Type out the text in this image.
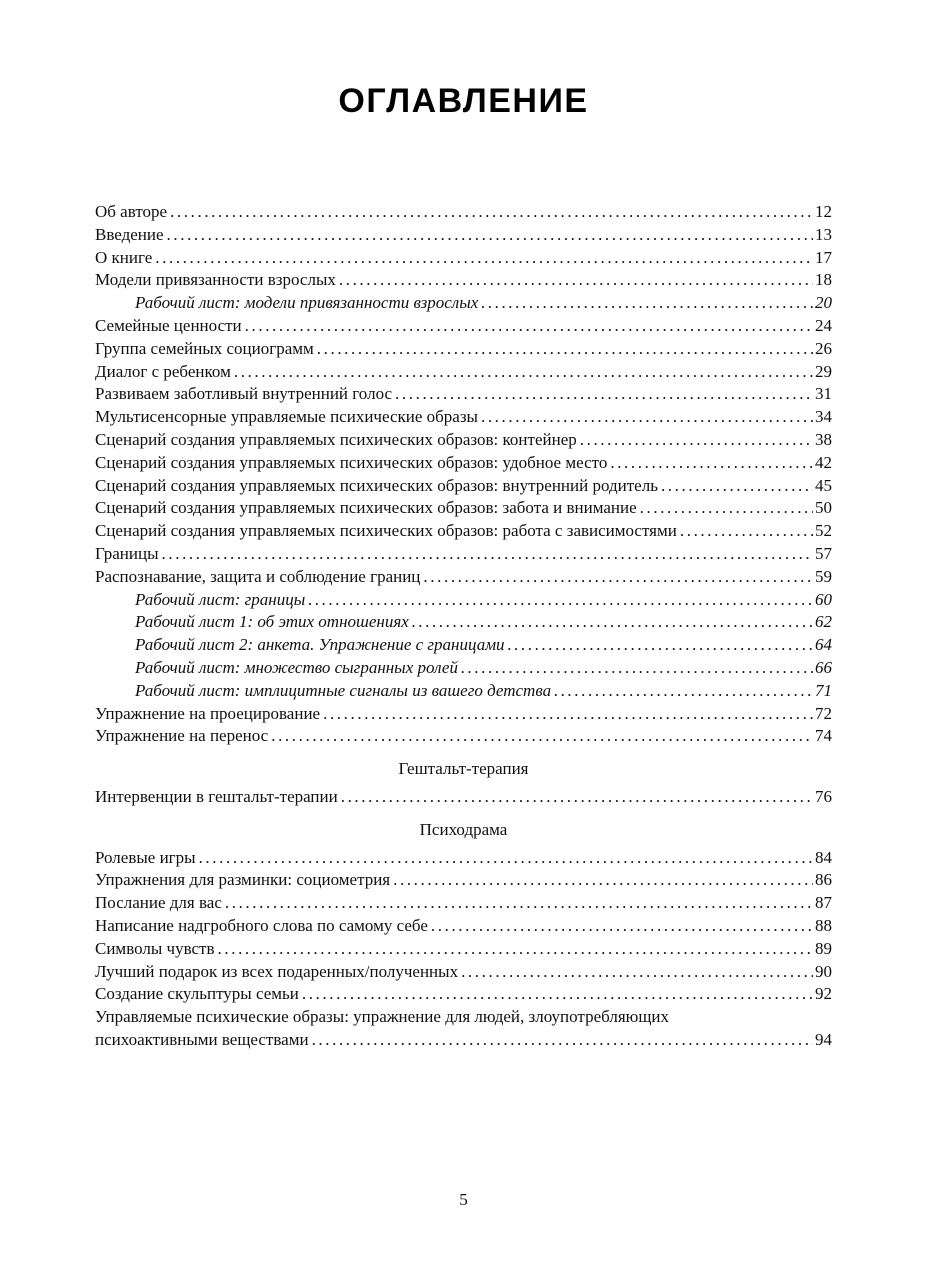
ОГЛАВЛЕНИЕ
Об авторе .....	12
Введение .....	13
О книге .....	17
Модели привязанности взрослых .....	18
Рабочий лист: модели привязанности взрослых .....	20
Семейные ценности .....	24
Группа семейных социограмм .....	26
Диалог с ребенком .....	29
Развиваем заботливый внутренний голос .....	31
Мультисенсорные управляемые психические образы .....	34
Сценарий создания управляемых психических образов: контейнер .....	38
Сценарий создания управляемых психических образов: удобное место .....	42
Сценарий создания управляемых психических образов: внутренний родитель .....	45
Сценарий создания управляемых психических образов: забота и внимание .....	50
Сценарий создания управляемых психических образов: работа с зависимостями .....	52
Границы .....	57
Распознавание, защита и соблюдение границ .....	59
Рабочий лист: границы .....	60
Рабочий лист 1: об этих отношениях .....	62
Рабочий лист 2: анкета. Упражнение с границами .....	64
Рабочий лист: множество сыгранных ролей .....	66
Рабочий лист: имплицитные сигналы из вашего детства .....	71
Упражнение на проецирование .....	72
Упражнение на перенос .....	74
Гештальт-терапия
Интервенции в гештальт-терапии .....	76
Психодрама
Ролевые игры .....	84
Упражнения для разминки: социометрия .....	86
Послание для вас .....	87
Написание надгробного слова по самому себе .....	88
Символы чувств .....	89
Лучший подарок из всех подаренных/полученных .....	90
Создание скульптуры семьи .....	92
Управляемые психические образы: упражнение для людей, злоупотребляющих
психоактивными веществами .....	94
5
